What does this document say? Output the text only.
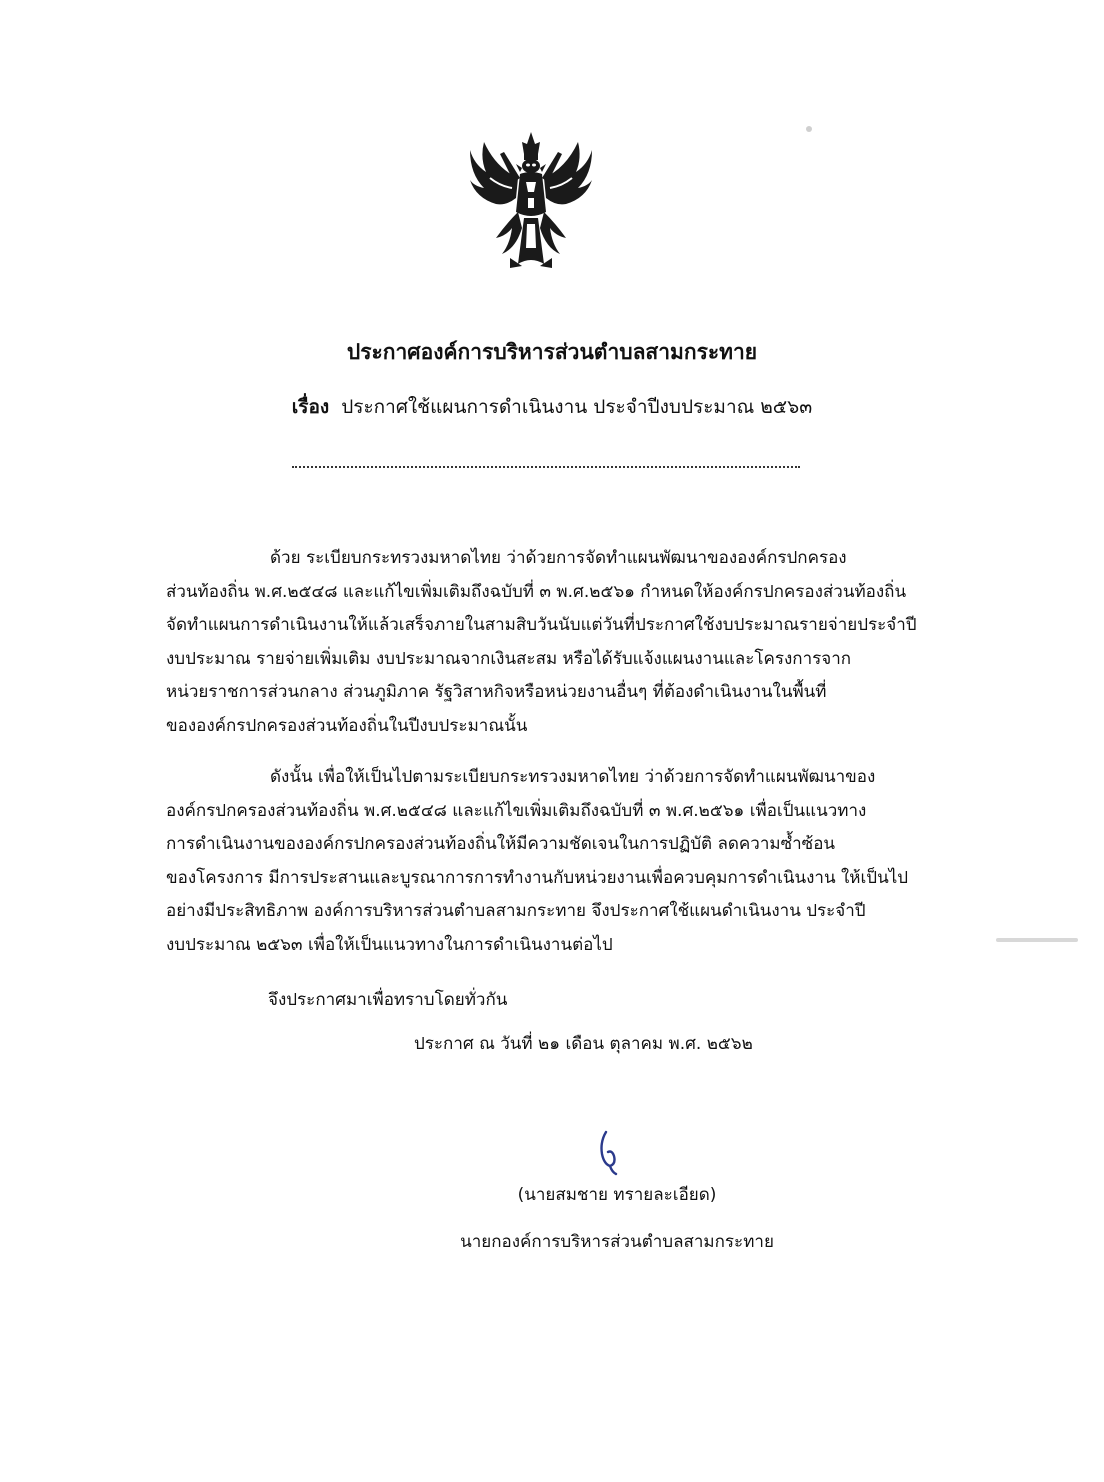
ประกาศองค์การบริหารส่วนตำบลสามกระทาย
เรื่อง ประกาศใช้แผนการดำเนินงาน ประจำปีงบประมาณ ๒๕๖๓

ด้วย ระเบียบกระทรวงมหาดไทย ว่าด้วยการจัดทำแผนพัฒนาขององค์กรปกครอง
ส่วนท้องถิ่น พ.ศ.๒๕๔๘ และแก้ไขเพิ่มเติมถึงฉบับที่ ๓ พ.ศ.๒๕๖๑ กำหนดให้องค์กรปกครองส่วนท้องถิ่น
จัดทำแผนการดำเนินงานให้แล้วเสร็จภายในสามสิบวันนับแต่วันที่ประกาศใช้งบประมาณรายจ่ายประจำปี
งบประมาณ รายจ่ายเพิ่มเติม งบประมาณจากเงินสะสม หรือได้รับแจ้งแผนงานและโครงการจาก
หน่วยราชการส่วนกลาง ส่วนภูมิภาค รัฐวิสาหกิจหรือหน่วยงานอื่นๆ ที่ต้องดำเนินงานในพื้นที่
ขององค์กรปกครองส่วนท้องถิ่นในปีงบประมาณนั้น

ดังนั้น เพื่อให้เป็นไปตามระเบียบกระทรวงมหาดไทย ว่าด้วยการจัดทำแผนพัฒนาของ
องค์กรปกครองส่วนท้องถิ่น พ.ศ.๒๕๔๘ และแก้ไขเพิ่มเติมถึงฉบับที่ ๓ พ.ศ.๒๕๖๑ เพื่อเป็นแนวทาง
การดำเนินงานขององค์กรปกครองส่วนท้องถิ่นให้มีความชัดเจนในการปฏิบัติ ลดความซ้ำซ้อน
ของโครงการ มีการประสานและบูรณาการการทำงานกับหน่วยงานเพื่อควบคุมการดำเนินงาน ให้เป็นไป
อย่างมีประสิทธิภาพ องค์การบริหารส่วนตำบลสามกระทาย จึงประกาศใช้แผนดำเนินงาน ประจำปี
งบประมาณ ๒๕๖๓ เพื่อให้เป็นแนวทางในการดำเนินงานต่อไป

จึงประกาศมาเพื่อทราบโดยทั่วกัน
ประกาศ ณ วันที่ ๒๑ เดือน ตุลาคม พ.ศ. ๒๕๖๒
(นายสมชาย ทรายละเอียด)
นายกองค์การบริหารส่วนตำบลสามกระทาย
